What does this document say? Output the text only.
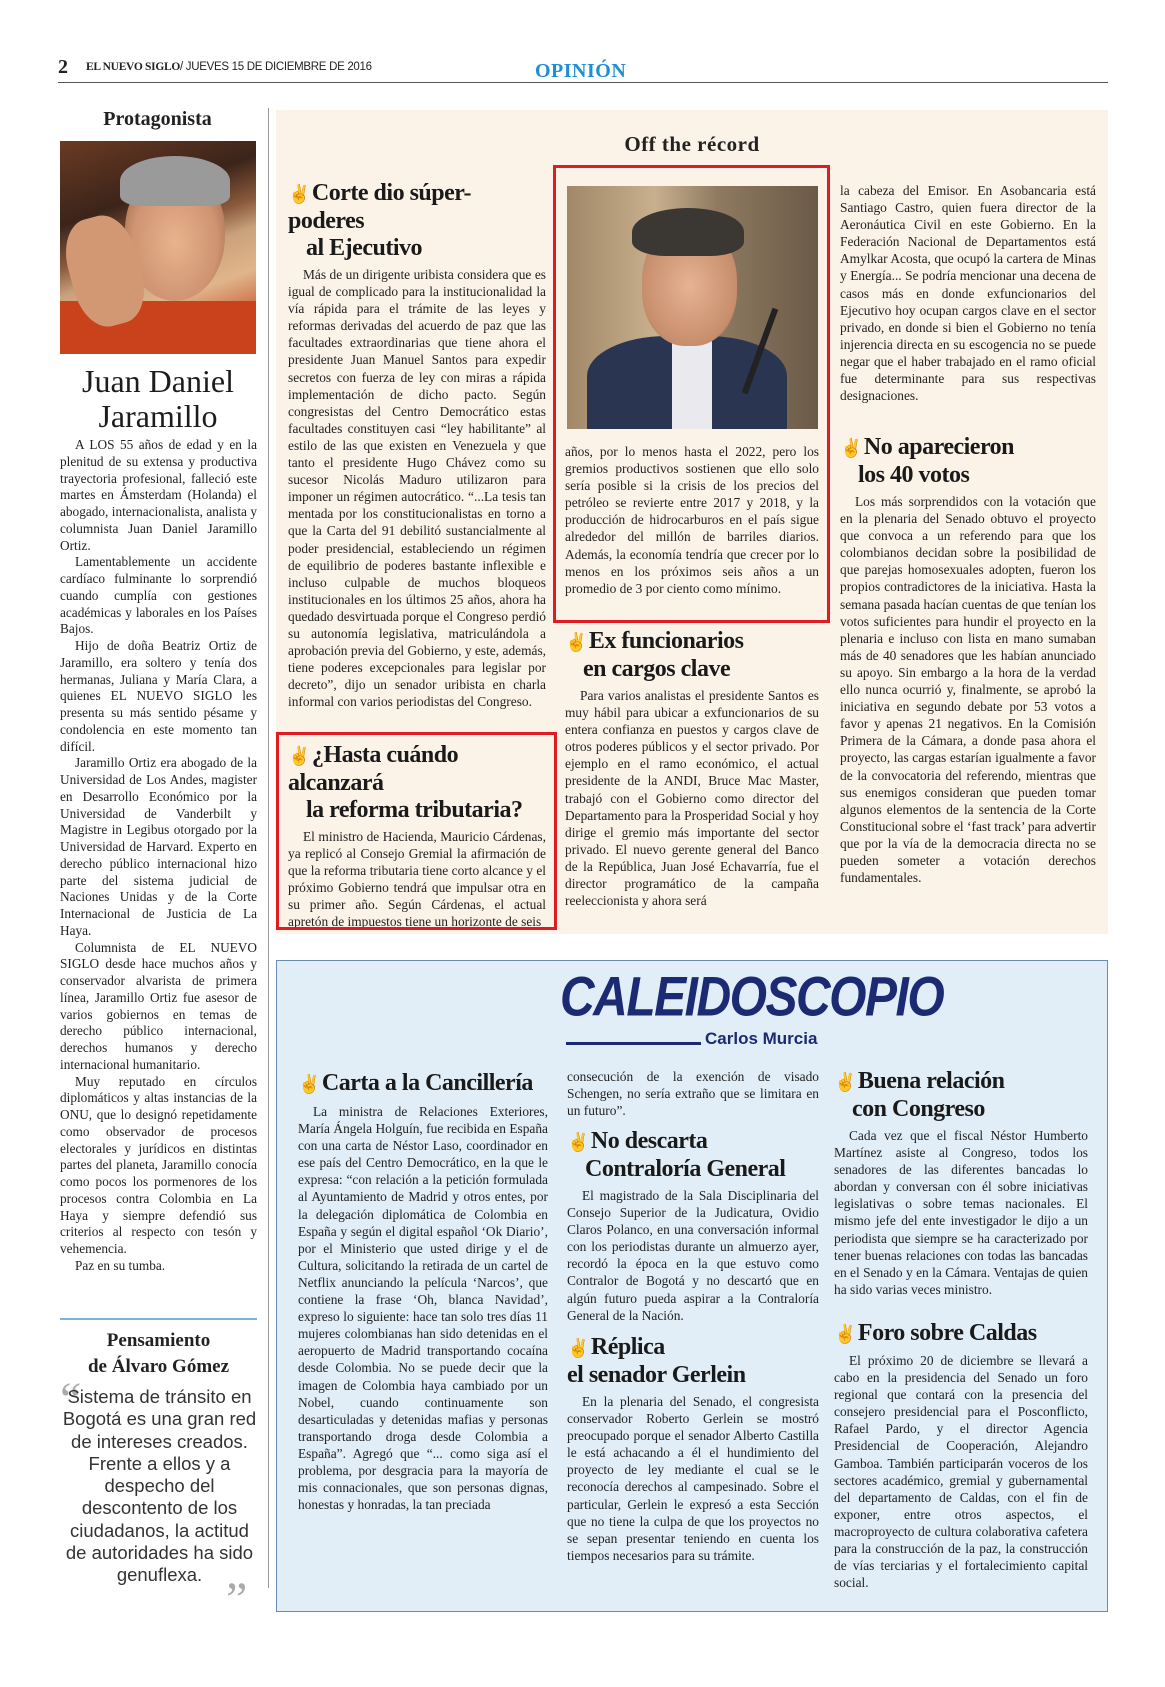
2 EL NUEVO SIGLO/ JUEVES 15 DE DICIEMBRE DE 2016	OPINIÓN
Protagonista
Juan Daniel
Jaramillo

A LOS 55 años de edad y en la plenitud de su extensa y productiva trayectoria profesional, falleció este martes en Ámsterdam (Holanda) el abogado, internacionalista, analista y columnista Juan Daniel Jaramillo Ortiz.

Lamentablemente un accidente cardíaco fulminante lo sorprendió cuando cumplía con gestiones académicas y laborales en los Países Bajos.

Hijo de doña Beatriz Ortiz de Jaramillo, era soltero y tenía dos hermanas, Juliana y María Clara, a quienes EL NUEVO SIGLO les presenta su más sentido pésame y condolencia en este momento tan difícil.

Jaramillo Ortiz era abogado de la Universidad de Los Andes, magister en Desarrollo Económico por la Universidad de Vanderbilt y Magistre in Legibus otorgado por la Universidad de Harvard. Experto en derecho público internacional hizo parte del sistema judicial de Naciones Unidas y de la Corte Internacional de Justicia de La Haya.

Columnista de EL NUEVO SIGLO desde hace muchos años y conservador alvarista de primera línea, Jaramillo Ortiz fue asesor de varios gobiernos en temas de derecho público internacional, derechos humanos y derecho internacional humanitario.

Muy reputado en círculos diplomáticos y altas instancias de la ONU, que lo designó repetidamente como observador de procesos electorales y jurídicos en distintas partes del planeta, Jaramillo conocía como pocos los pormenores de los procesos contra Colombia en La Haya y siempre defendió sus criterios al respecto con tesón y vehemencia.

Paz en su tumba.

Pensamiento
de Álvaro Gómez
“
Sistema de tránsito en Bogotá es una gran red de intereses creados. Frente a ellos y a despecho del descontento de los ciudadanos, la actitud de autoridades ha sido genuflexa. ”
Off the récord
✌Corte dio súper-poderes
al Ejecutivo
Más de un dirigente uribista considera que es igual de complicado para la institucionalidad la vía rápida para el trámite de las leyes y reformas derivadas del acuerdo de paz que las facultades extraordinarias que tiene ahora el presidente Juan Manuel Santos para expedir secretos con fuerza de ley con miras a rápida implementación de dicho pacto. Según congresistas del Centro Democrático estas facultades constituyen casi “ley habilitante” al estilo de las que existen en Venezuela y que tanto el presidente Hugo Chávez como su sucesor Nicolás Maduro utilizaron para imponer un régimen autocrático. “...La tesis tan mentada por los constitucionalistas en torno a que la Carta del 91 debilitó sustancialmente al poder presidencial, estableciendo un régimen de equilibrio de poderes bastante inflexible e incluso culpable de muchos bloqueos institucionales en los últimos 25 años, ahora ha quedado desvirtuada porque el Congreso perdió su autonomía legislativa, matriculándola a aprobación previa del Gobierno, y este, además, tiene poderes excepcionales para legislar por decreto”, dijo un senador uribista en charla informal con varios periodistas del Congreso.
✌¿Hasta cuándo alcanzará
la reforma tributaria?
El ministro de Hacienda, Mauricio Cárdenas, ya replicó al Consejo Gremial la afirmación de que la reforma tributaria tiene corto alcance y el próximo Gobierno tendrá que impulsar otra en su primer año. Según Cárdenas, el actual apretón de impuestos tiene un horizonte de seis
años, por lo menos hasta el 2022, pero los gremios productivos sostienen que ello solo sería posible si la crisis de los precios del petróleo se revierte entre 2017 y 2018, y la producción de hidrocarburos en el país sigue alrededor del millón de barriles diarios. Además, la economía tendría que crecer por lo menos en los próximos seis años a un promedio de 3 por ciento como mínimo.
✌Ex funcionarios
en cargos clave
Para varios analistas el presidente Santos es muy hábil para ubicar a exfuncionarios de su entera confianza en puestos y cargos clave de otros poderes públicos y el sector privado. Por ejemplo en el ramo económico, el actual presidente de la ANDI, Bruce Mac Master, trabajó con el Gobierno como director del Departamento para la Prosperidad Social y hoy dirige el gremio más importante del sector privado. El nuevo gerente general del Banco de la República, Juan José Echavarría, fue el director programático de la campaña reeleccionista y ahora será
la cabeza del Emisor. En Asobancaria está Santiago Castro, quien fuera director de la Aeronáutica Civil en este Gobierno. En la Federación Nacional de Departamentos está Amylkar Acosta, que ocupó la cartera de Minas y Energía... Se podría mencionar una decena de casos más en donde exfuncionarios del Ejecutivo hoy ocupan cargos clave en el sector privado, en donde si bien el Gobierno no tenía injerencia directa en su escogencia no se puede negar que el haber trabajado en el ramo oficial fue determinante para sus respectivas designaciones.
✌No aparecieron
los 40 votos
Los más sorprendidos con la votación que en la plenaria del Senado obtuvo el proyecto que convoca a un referendo para que los colombianos decidan sobre la posibilidad de que parejas homosexuales adopten, fueron los propios contradictores de la iniciativa. Hasta la semana pasada hacían cuentas de que tenían los votos suficientes para hundir el proyecto en la plenaria e incluso con lista en mano sumaban más de 40 senadores que les habían anunciado su apoyo. Sin embargo a la hora de la verdad ello nunca ocurrió y, finalmente, se aprobó la iniciativa en segundo debate por 53 votos a favor y apenas 21 negativos. En la Comisión Primera de la Cámara, a donde pasa ahora el proyecto, las cargas estarían igualmente a favor de la convocatoria del referendo, mientras que sus enemigos consideran que pueden tomar algunos elementos de la sentencia de la Corte Constitucional sobre el ‘fast track’ para advertir que por la vía de la democracia directa no se pueden someter a votación derechos fundamentales.
CALEIDOSCOPIO
Carlos Murcia
✌Carta a la Cancillería
La ministra de Relaciones Exteriores, María Ángela Holguín, fue recibida en España con una carta de Néstor Laso, coordinador en ese país del Centro Democrático, en la que le expresa: “con relación a la petición formulada al Ayuntamiento de Madrid y otros entes, por la delegación diplomática de Colombia en España y según el digital español ‘Ok Diario’, por el Ministerio que usted dirige y el de Cultura, solicitando la retirada de un cartel de Netflix anunciando la película ‘Narcos’, que contiene la frase ‘Oh, blanca Navidad’, expreso lo siguiente: hace tan solo tres días 11 mujeres colombianas han sido detenidas en el aeropuerto de Madrid transportando cocaína desde Colombia. No se puede decir que la imagen de Colombia haya cambiado por un Nobel, cuando continuamente son desarticuladas y detenidas mafias y personas transportando droga desde Colombia a España”. Agregó que “... como siga así el problema, por desgracia para la mayoría de mis connacionales, que son personas dignas, honestas y honradas, la tan preciada
consecución de la exención de visado Schengen, no sería extraño que se limitara en un futuro”.
✌No descarta
Contraloría General
El magistrado de la Sala Disciplinaria del Consejo Superior de la Judicatura, Ovidio Claros Polanco, en una conversación informal con los periodistas durante un almuerzo ayer, recordó la época en la que estuvo como Contralor de Bogotá y no descartó que en algún futuro pueda aspirar a la Contraloría General de la Nación.
✌Réplica
el senador Gerlein
En la plenaria del Senado, el congresista conservador Roberto Gerlein se mostró preocupado porque el senador Alberto Castilla le está achacando a él el hundimiento del proyecto de ley mediante el cual se le reconocía derechos al campesinado. Sobre el particular, Gerlein le expresó a esta Sección que no tiene la culpa de que los proyectos no se sepan presentar teniendo en cuenta los tiempos necesarios para su trámite.
✌Buena relación
con Congreso
Cada vez que el fiscal Néstor Humberto Martínez asiste al Congreso, todos los senadores de las diferentes bancadas lo abordan y conversan con él sobre iniciativas legislativas o sobre temas nacionales. El mismo jefe del ente investigador le dijo a un periodista que siempre se ha caracterizado por tener buenas relaciones con todas las bancadas en el Senado y en la Cámara. Ventajas de quien ha sido varias veces ministro.
✌Foro sobre Caldas
El próximo 20 de diciembre se llevará a cabo en la presidencia del Senado un foro regional que contará con la presencia del consejero presidencial para el Posconflicto, Rafael Pardo, y el director Agencia Presidencial de Cooperación, Alejandro Gamboa. También participarán voceros de los sectores académico, gremial y gubernamental del departamento de Caldas, con el fin de exponer, entre otros aspectos, el macroproyecto de cultura colaborativa cafetera para la construcción de la paz, la construcción de vías terciarias y el fortalecimiento capital social.
